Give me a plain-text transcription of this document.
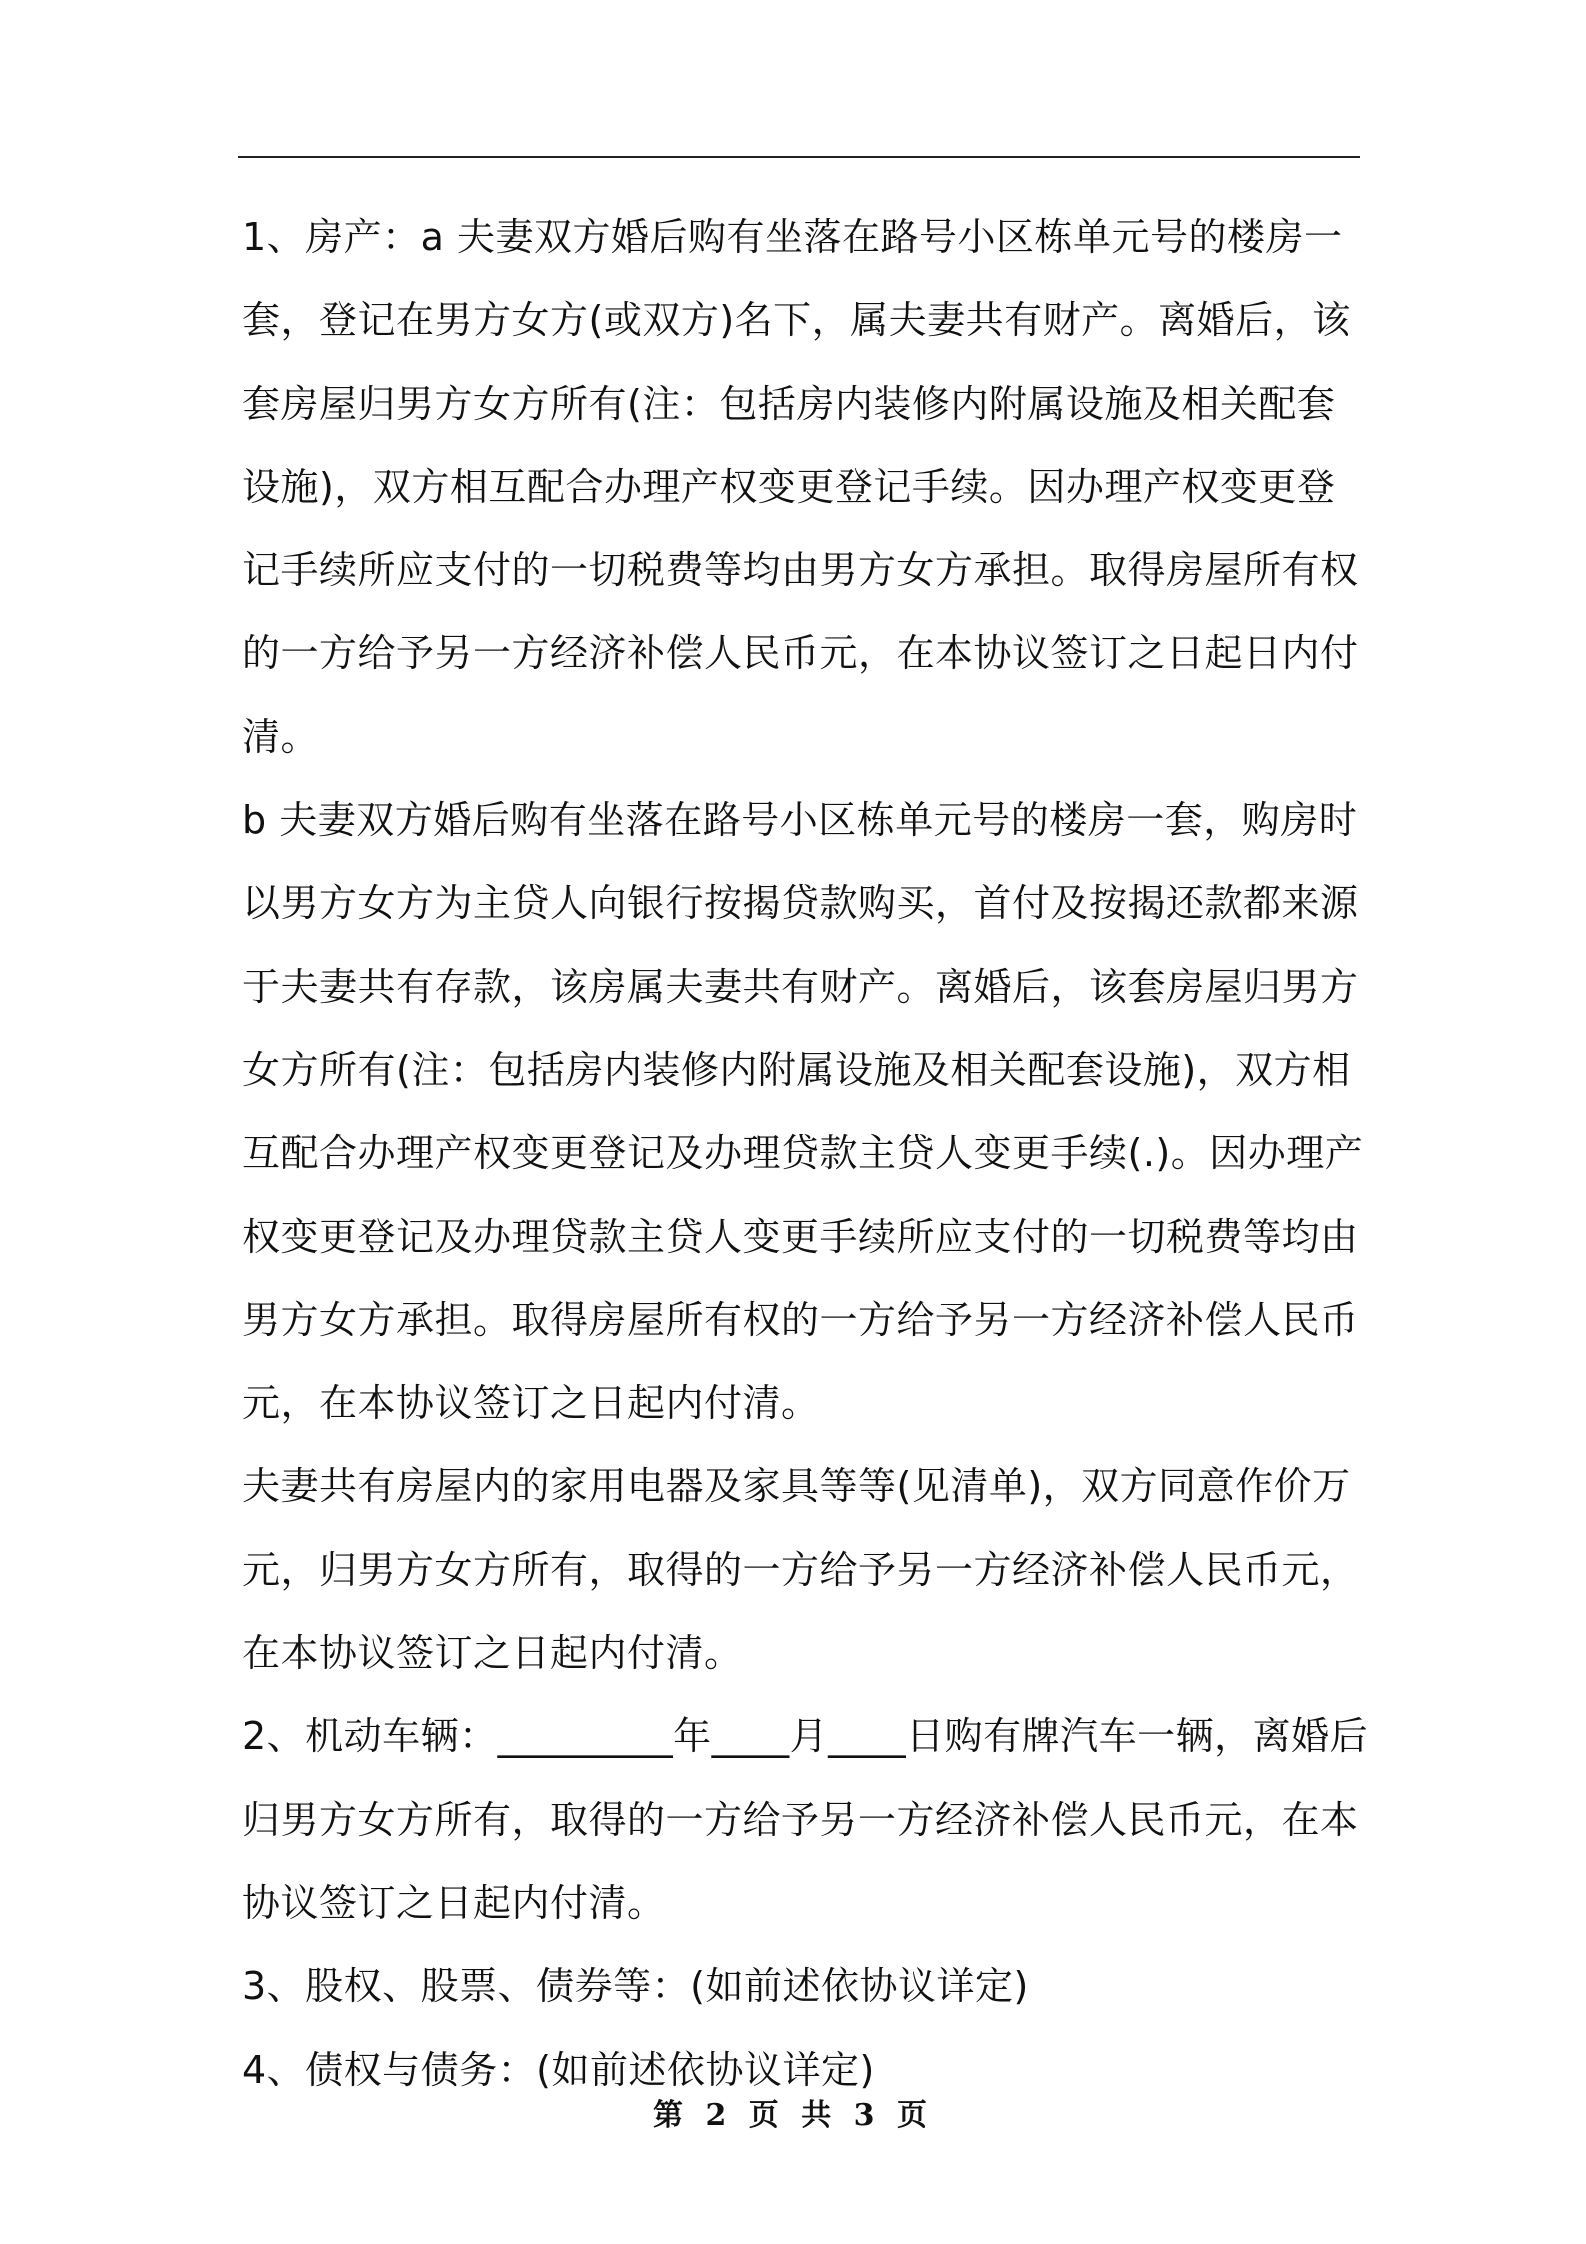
1、房产：a 夫妻双方婚后购有坐落在路号小区栋单元号的楼房一套，登记在男方女方(或双方)名下，属夫妻共有财产。离婚后，该套房屋归男方女方所有(注：包括房内装修内附属设施及相关配套设施)，双方相互配合办理产权变更登记手续。因办理产权变更登记手续所应支付的一切税费等均由男方女方承担。取得房屋所有权的一方给予另一方经济补偿人民币元，在本协议签订之日起日内付清。

b 夫妻双方婚后购有坐落在路号小区栋单元号的楼房一套，购房时以男方女方为主贷人向银行按揭贷款购买，首付及按揭还款都来源于夫妻共有存款，该房属夫妻共有财产。离婚后，该套房屋归男方女方所有(注：包括房内装修内附属设施及相关配套设施)，双方相互配合办理产权变更登记及办理贷款主贷人变更手续(.)。因办理产权变更登记及办理贷款主贷人变更手续所应支付的一切税费等均由男方女方承担。取得房屋所有权的一方给予另一方经济补偿人民币元，在本协议签订之日起内付清。

夫妻共有房屋内的家用电器及家具等等(见清单)，双方同意作价万元，归男方女方所有，取得的一方给予另一方经济补偿人民币元，在本协议签订之日起内付清。

2、机动车辆：_________年____月____日购有牌汽车一辆，离婚后归男方女方所有，取得的一方给予另一方经济补偿人民币元，在本协议签订之日起内付清。

3、股权、股票、债券等：(如前述依协议详定)

4、债权与债务：(如前述依协议详定)

第 2 页 共 3 页
